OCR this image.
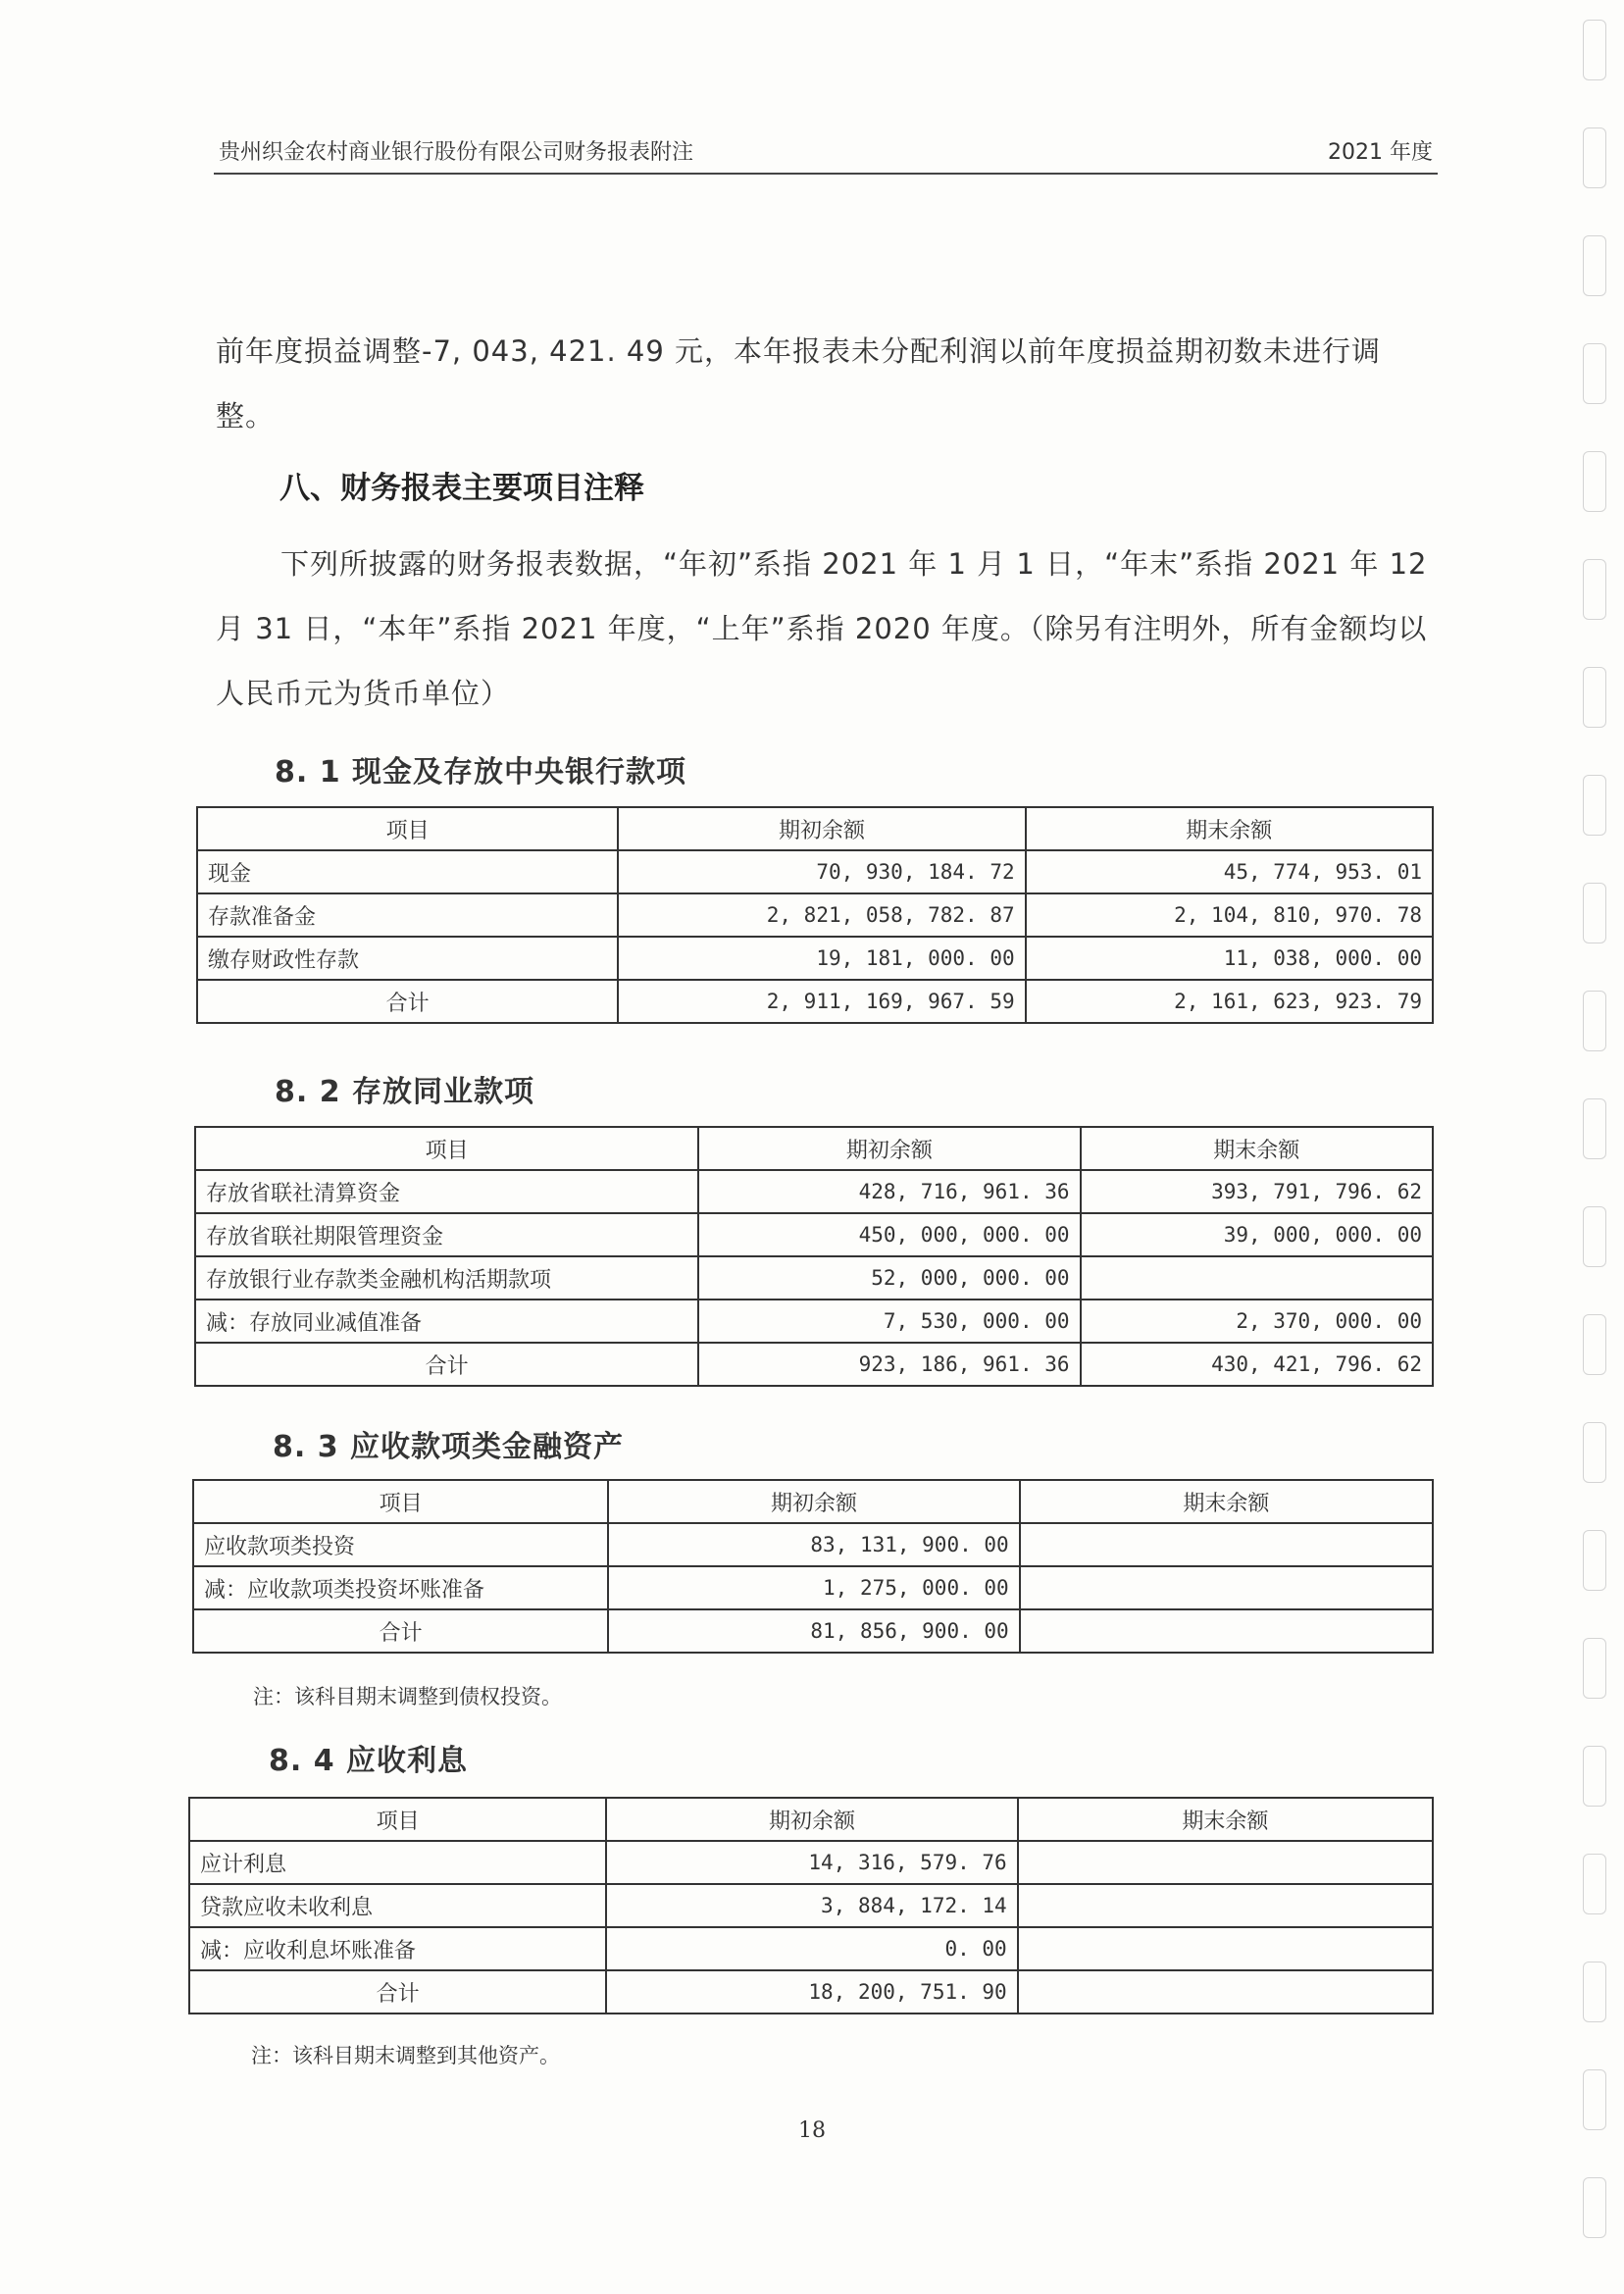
贵州织金农村商业银行股份有限公司财务报表附注	2021 年度

前年度损益调整-7, 043, 421. 49 元，本年报表未分配利润以前年度损益期初数未进行调

整。

八、财务报表主要项目注释

下列所披露的财务报表数据，“年初”系指 2021 年 1 月 1 日，“年末”系指 2021 年 12 月 31 日，“本年”系指 2021 年度，“上年”系指 2020 年度。（除另有注明外，所有金额均以人民币元为货币单位）

8. 1 现金及存放中央银行款项
项目	期初余额	期末余额
现金	70, 930, 184. 72	45, 774, 953. 01
存款准备金	2, 821, 058, 782. 87	2, 104, 810, 970. 78
缴存财政性存款	19, 181, 000. 00	11, 038, 000. 00
合计	2, 911, 169, 967. 59	2, 161, 623, 923. 79
8. 2 存放同业款项
项目	期初余额	期末余额
存放省联社清算资金	428, 716, 961. 36	393, 791, 796. 62
存放省联社期限管理资金	450, 000, 000. 00	39, 000, 000. 00
存放银行业存款类金融机构活期款项	52, 000, 000. 00	
减：存放同业减值准备	7, 530, 000. 00	2, 370, 000. 00
合计	923, 186, 961. 36	430, 421, 796. 62
8. 3 应收款项类金融资产
项目	期初余额	期末余额
应收款项类投资	83, 131, 900. 00	
减：应收款项类投资坏账准备	1, 275, 000. 00	
合计	81, 856, 900. 00	

注：该科目期末调整到债权投资。

8. 4 应收利息
项目	期初余额	期末余额
应计利息	14, 316, 579. 76	
贷款应收未收利息	3, 884, 172. 14	
减：应收利息坏账准备	0. 00	
合计	18, 200, 751. 90	

注：该科目期末调整到其他资产。

18
